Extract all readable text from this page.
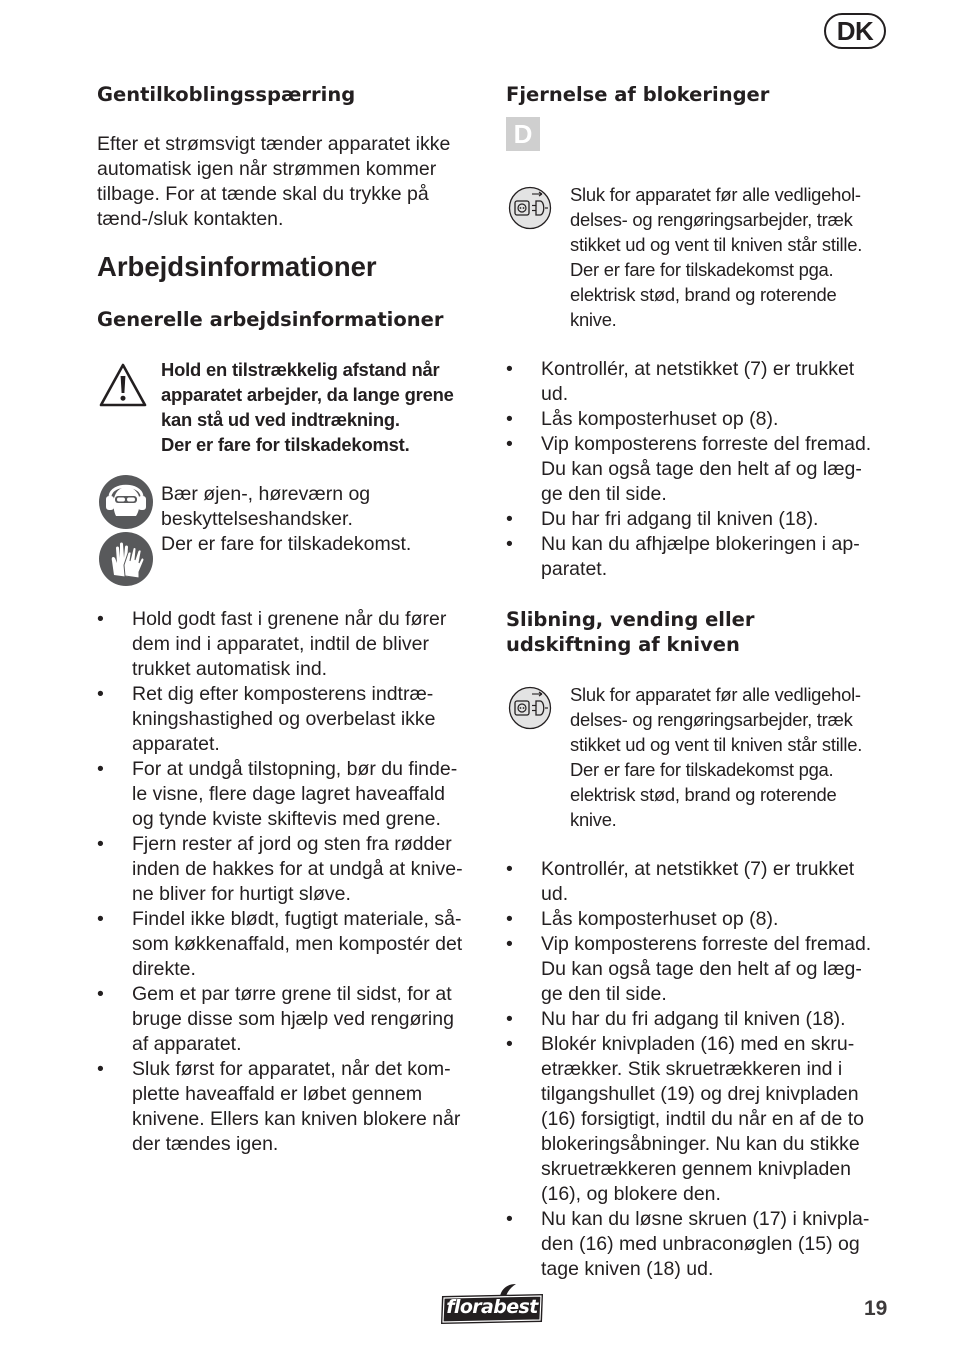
DK
Gentilkoblingsspærring
Efter et strømsvigt tænder apparatet ikke
automatisk igen når strømmen kommer
tilbage. For at tænde skal du trykke på
tænd-/sluk kontakten.
Arbejdsinformationer
Generelle arbejdsinformationer
Hold en tilstrækkelig afstand når
apparatet arbejder, da lange grene
kan stå ud ved indtrækning.
Der er fare for tilskadekomst.
Bær øjen-, høreværn og
beskyttelseshandsker.
Der er fare for tilskadekomst.
• Hold godt fast i grenene når du fører
dem ind i apparatet, indtil de bliver
trukket automatisk ind.
• Ret dig efter komposterens indtræ-
kningshastighed og overbelast ikke
apparatet.
• For at undgå tilstopning, bør du finde-
le visne, flere dage lagret haveaffald
og tynde kviste skiftevis med grene.
• Fjern rester af jord og sten fra rødder
inden de hakkes for at undgå at knive-
ne bliver for hurtigt sløve.
• Findel ikke blødt, fugtigt materiale, så-
som køkkenaffald, men kompostér det
direkte.
• Gem et par tørre grene til sidst, for at
bruge disse som hjælp ved rengøring
af apparatet.
• Sluk først for apparatet, når det kom-
plette haveaffald er løbet gennem
knivene. Ellers kan kniven blokere når
der tændes igen.
Fjernelse af blokeringer
D
Sluk for apparatet før alle vedligehol-
delses- og rengøringsarbejder, træk
stikket ud og vent til kniven står stille.
Der er fare for tilskadekomst pga.
elektrisk stød, brand og roterende
knive.
• Kontrollér, at netstikket (7) er trukket
ud.
• Lås komposterhuset op (8).
• Vip komposterens forreste del fremad.
Du kan også tage den helt af og læg-
ge den til side.
• Du har fri adgang til kniven (18).
• Nu kan du afhjælpe blokeringen i ap-
paratet.
Slibning, vending eller
udskiftning af kniven
Sluk for apparatet før alle vedligehol-
delses- og rengøringsarbejder, træk
stikket ud og vent til kniven står stille.
Der er fare for tilskadekomst pga.
elektrisk stød, brand og roterende
knive.
• Kontrollér, at netstikket (7) er trukket
ud.
• Lås komposterhuset op (8).
• Vip komposterens forreste del fremad.
Du kan også tage den helt af og læg-
ge den til side.
• Nu har du fri adgang til kniven (18).
• Blokér knivpladen (16) med en skru-
etrækker. Stik skruetrækkeren ind i
tilgangshullet (19) og drej knivpladen
(16) forsigtigt, indtil du når en af de to
blokeringsåbninger. Nu kan du stikke
skruetrækkeren gennem knivpladen
(16), og blokere den.
• Nu kan du løsne skruen (17) i knivpla-
den (16) med unbraconøglen (15) og
tage kniven (18) ud.
florabest	19
